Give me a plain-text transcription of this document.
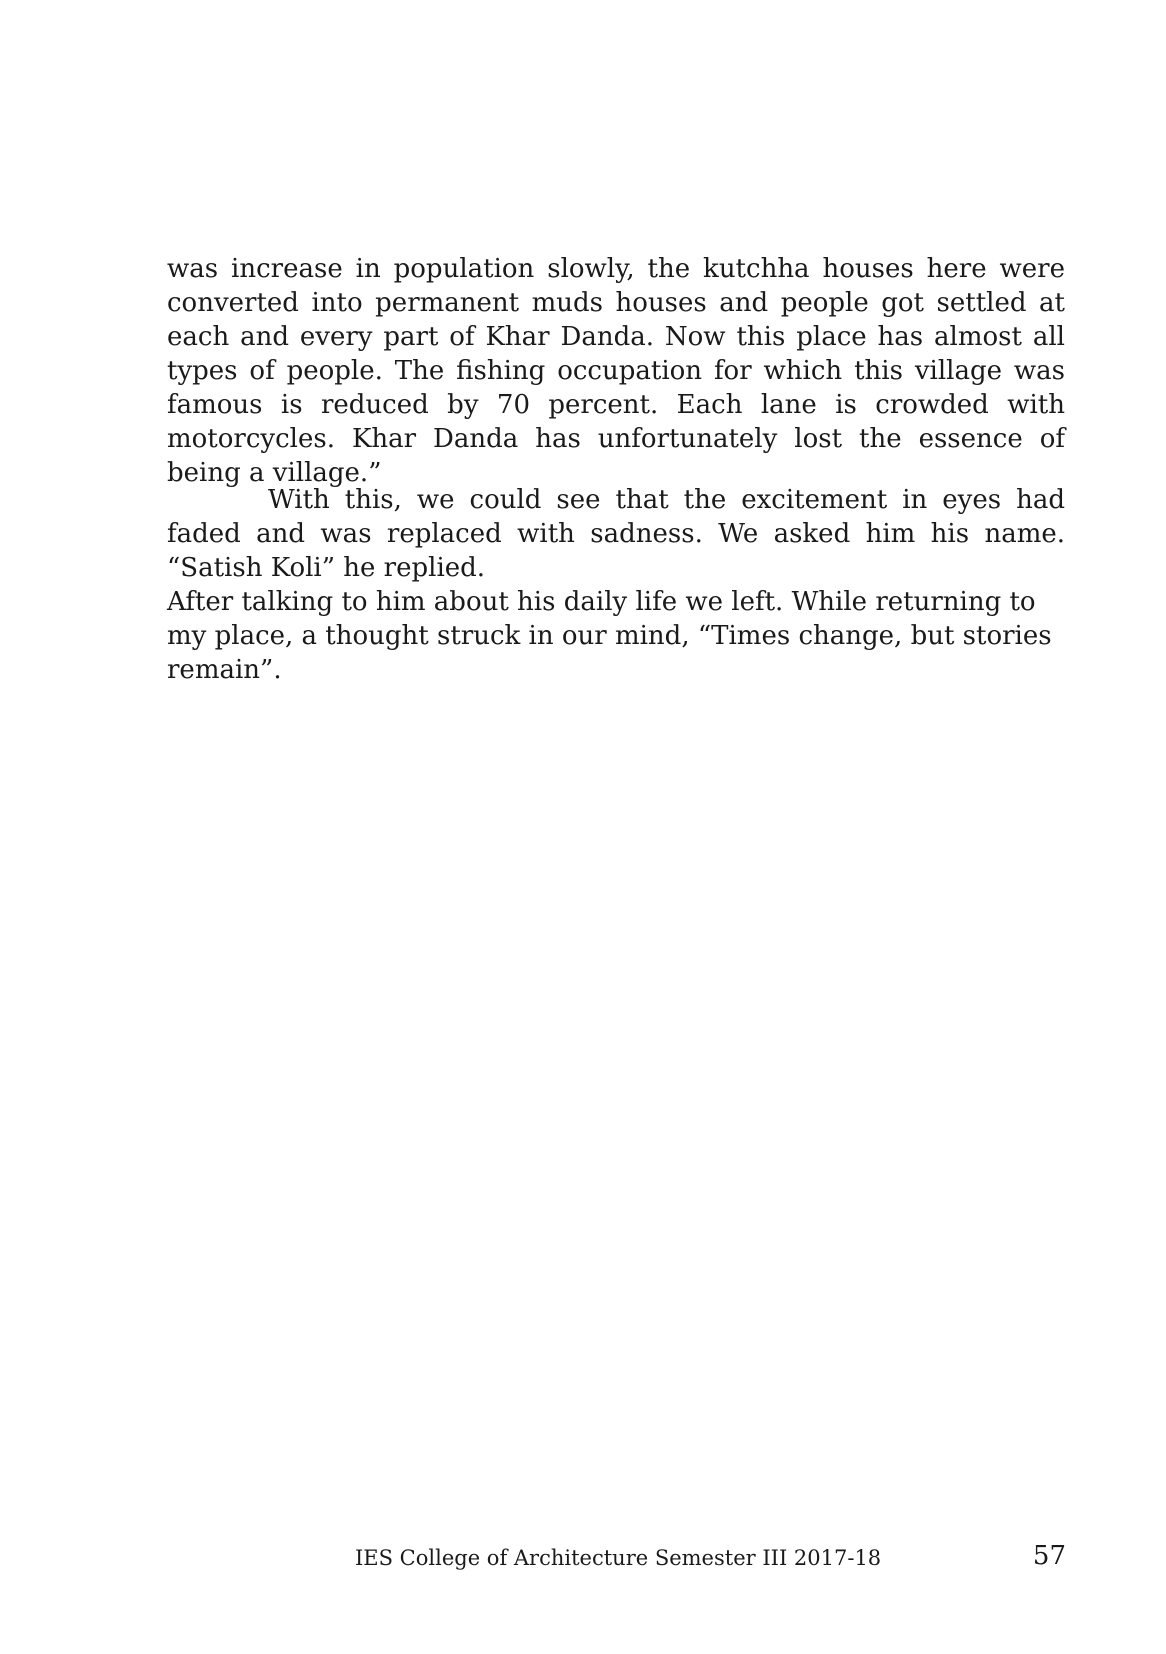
was increase in population slowly, the kutchha houses here were converted into permanent muds houses and people got settled at each and every part of Khar Danda. Now this place has almost all types of people. The fishing occupation for which this village was famous is reduced by 70 percent. Each lane is crowded with motorcycles. Khar Danda has unfortunately lost the essence of being a village.”

With this, we could see that the excitement in eyes had faded and was replaced with sadness. We asked him his name. “Satish Koli” he replied.
After talking to him about his daily life we left. While returning to my place, a thought struck in our mind, “Times change, but stories remain”.

IES College of Architecture Semester III 2017-18	57
